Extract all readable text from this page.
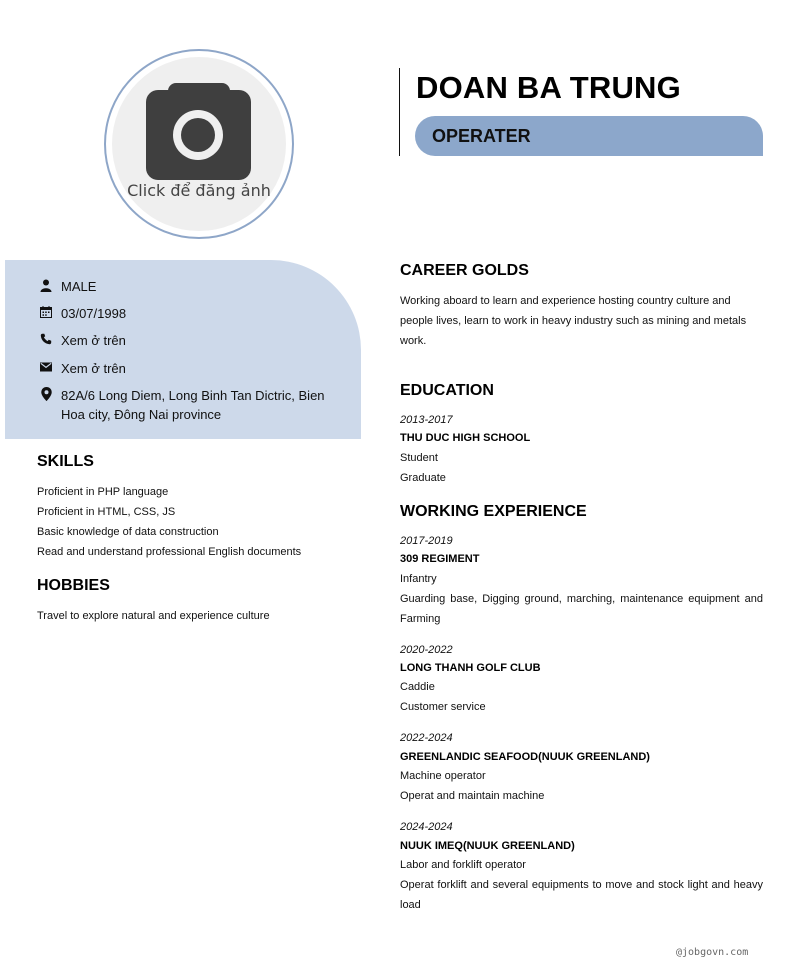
Click để đăng ảnh
DOAN BA TRUNG
OPERATER
MALE
03/07/1998
Xem ở trên
Xem ở trên
82A/6 Long Diem, Long Binh Tan Dictric, Bien Hoa city, Đông Nai province
SKILLS
Proficient in PHP language
Proficient in HTML, CSS, JS
Basic knowledge of data construction
Read and understand professional English documents
HOBBIES
Travel to explore natural and experience culture
CAREER GOLDS
Working aboard to learn and experience hosting country culture and people lives, learn to work in heavy industry such as mining and metals work.
EDUCATION
2013-2017
THU DUC HIGH SCHOOL
Student
Graduate
WORKING EXPERIENCE
2017-2019
309 REGIMENT
Infantry
Guarding base, Digging ground, marching, maintenance equipment and Farming
2020-2022
LONG THANH GOLF CLUB
Caddie
Customer service
2022-2024
GREENLANDIC SEAFOOD(NUUK GREENLAND)
Machine operator
Operat and maintain machine
2024-2024
NUUK IMEQ(NUUK GREENLAND)
Labor and forklift operator
Operat forklift and several equipments to move and stock light and heavy load
@jobgovn.com
